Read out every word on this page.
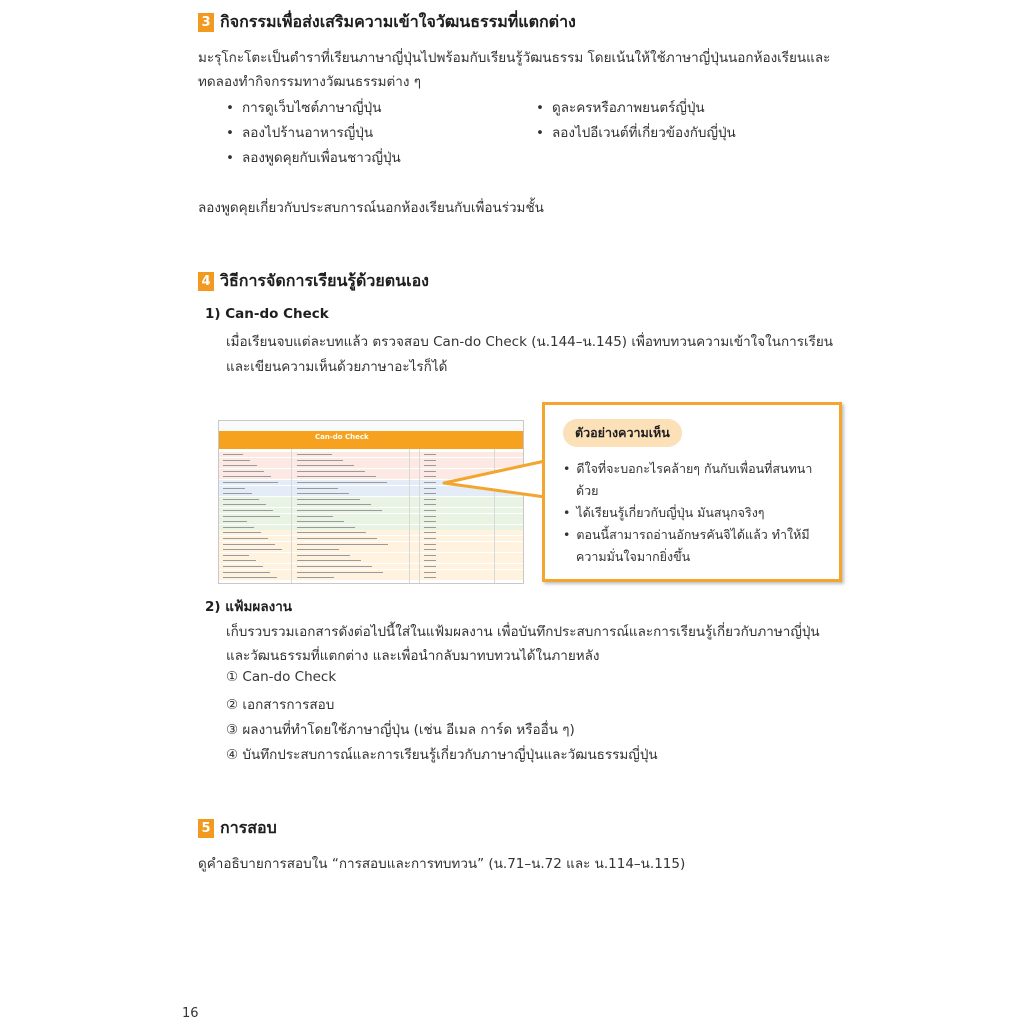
3 กิจกรรมเพื่อส่งเสริมความเข้าใจวัฒนธรรมที่แตกต่าง
มะรุโกะโตะเป็นตำราที่เรียนภาษาญี่ปุ่นไปพร้อมกับเรียนรู้วัฒนธรรม โดยเน้นให้ใช้ภาษาญี่ปุ่นนอกห้องเรียนและ
ทดลองทำกิจกรรมทางวัฒนธรรมต่าง ๆ
• การดูเว็บไซต์ภาษาญี่ปุ่น
• ลองไปร้านอาหารญี่ปุ่น
• ลองพูดคุยกับเพื่อนชาวญี่ปุ่น
• ดูละครหรือภาพยนตร์ญี่ปุ่น
• ลองไปอีเวนต์ที่เกี่ยวข้องกับญี่ปุ่น
ลองพูดคุยเกี่ยวกับประสบการณ์นอกห้องเรียนกับเพื่อนร่วมชั้น
4 วิธีการจัดการเรียนรู้ด้วยตนเอง
1) Can-do Check
เมื่อเรียนจบแต่ละบทแล้ว ตรวจสอบ Can-do Check (น.144–น.145) เพื่อทบทวนความเข้าใจในการเรียน
และเขียนความเห็นด้วยภาษาอะไรก็ได้
Can-do Check	ตัวอย่างความเห็น
• ดีใจที่จะบอกะไรคล้ายๆ กันกับเพื่อนที่สนทนา
ด้วย
• ได้เรียนรู้เกี่ยวกับญี่ปุ่น มันสนุกจริงๆ
• ตอนนี้สามารถอ่านอักษรคันจิได้แล้ว ทำให้มี
ความมั่นใจมากยิ่งขึ้น
2) แฟ้มผลงาน
เก็บรวบรวมเอกสารดังต่อไปนี้ใส่ในแฟ้มผลงาน เพื่อบันทึกประสบการณ์และการเรียนรู้เกี่ยวกับภาษาญี่ปุ่น
และวัฒนธรรมที่แตกต่าง และเพื่อนำกลับมาทบทวนได้ในภายหลัง
① Can-do Check
② เอกสารการสอบ
③ ผลงานที่ทำโดยใช้ภาษาญี่ปุ่น (เช่น อีเมล การ์ด หรืออื่น ๆ)
④ บันทึกประสบการณ์และการเรียนรู้เกี่ยวกับภาษาญี่ปุ่นและวัฒนธรรมญี่ปุ่น
5 การสอบ
ดูคำอธิบายการสอบใน “การสอบและการทบทวน” (น.71–น.72 และ น.114–น.115)
16
